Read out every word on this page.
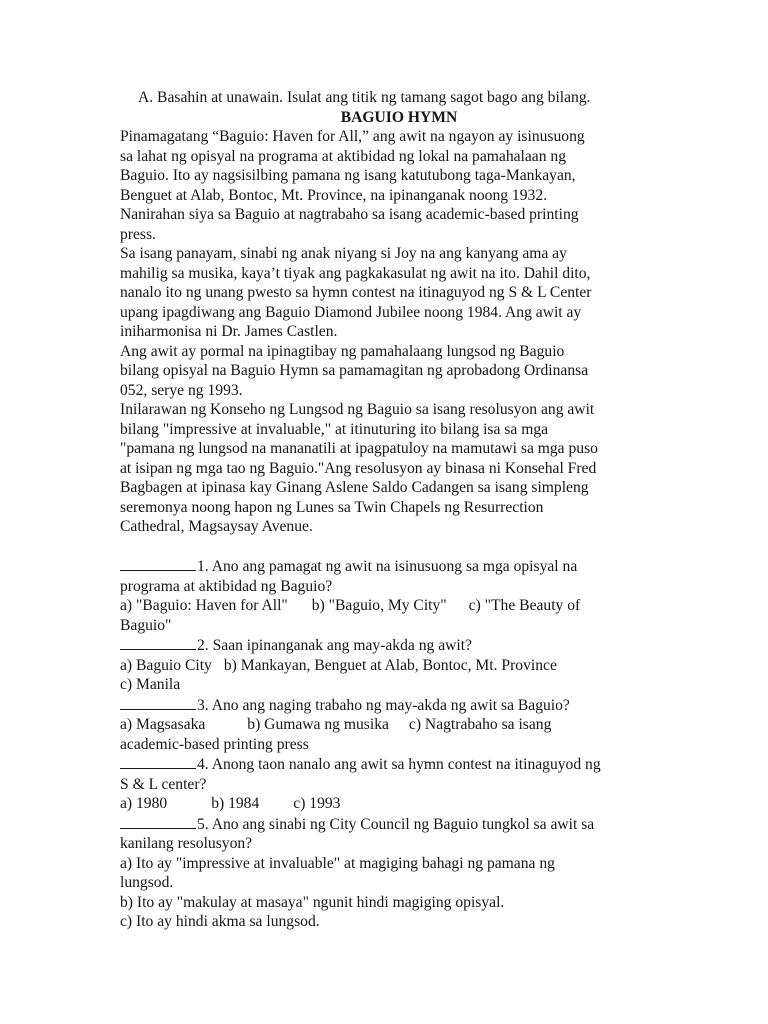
A. Basahin at unawain. Isulat ang titik ng tamang sagot bago ang bilang.
BAGUIO HYMN
Pinamagatang “Baguio: Haven for All,” ang awit na ngayon ay isinusuong
sa lahat ng opisyal na programa at aktibidad ng lokal na pamahalaan ng
Baguio. Ito ay nagsisilbing pamana ng isang katutubong taga-Mankayan,
Benguet at Alab, Bontoc, Mt. Province, na ipinanganak noong 1932.
Nanirahan siya sa Baguio at nagtrabaho sa isang academic-based printing
press.
Sa isang panayam, sinabi ng anak niyang si Joy na ang kanyang ama ay
mahilig sa musika, kaya’t tiyak ang pagkakasulat ng awit na ito. Dahil dito,
nanalo ito ng unang pwesto sa hymn contest na itinaguyod ng S & L Center
upang ipagdiwang ang Baguio Diamond Jubilee noong 1984. Ang awit ay
iniharmonisa ni Dr. James Castlen.
Ang awit ay pormal na ipinagtibay ng pamahalaang lungsod ng Baguio
bilang opisyal na Baguio Hymn sa pamamagitan ng aprobadong Ordinansa
052, serye ng 1993.
Inilarawan ng Konseho ng Lungsod ng Baguio sa isang resolusyon ang awit
bilang "impressive at invaluable," at itinuturing ito bilang isa sa mga
"pamana ng lungsod na mananatili at ipagpatuloy na mamutawi sa mga puso
at isipan ng mga tao ng Baguio."Ang resolusyon ay binasa ni Konsehal Fred
Bagbagen at ipinasa kay Ginang Aslene Saldo Cadangen sa isang simpleng
seremonya noong hapon ng Lunes sa Twin Chapels ng Resurrection
Cathedral, Magsaysay Avenue.
1. Ano ang pamagat ng awit na isinusuong sa mga opisyal na
programa at aktibidad ng Baguio?
a) "Baguio: Haven for All" b) "Baguio, My City" c) "The Beauty of
Baguio"
2. Saan ipinanganak ang may-akda ng awit?
a) Baguio City b) Mankayan, Benguet at Alab, Bontoc, Mt. Province
c) Manila
3. Ano ang naging trabaho ng may-akda ng awit sa Baguio?
a) Magsasaka	b) Gumawa ng musika c) Nagtrabaho sa isang
academic-based printing press
4. Anong taon nanalo ang awit sa hymn contest na itinaguyod ng
S & L center?
a) 1980	b) 1984 c) 1993
5. Ano ang sinabi ng City Council ng Baguio tungkol sa awit sa
kanilang resolusyon?
a) Ito ay "impressive at invaluable" at magiging bahagi ng pamana ng
lungsod.
b) Ito ay "makulay at masaya" ngunit hindi magiging opisyal.
c) Ito ay hindi akma sa lungsod.
